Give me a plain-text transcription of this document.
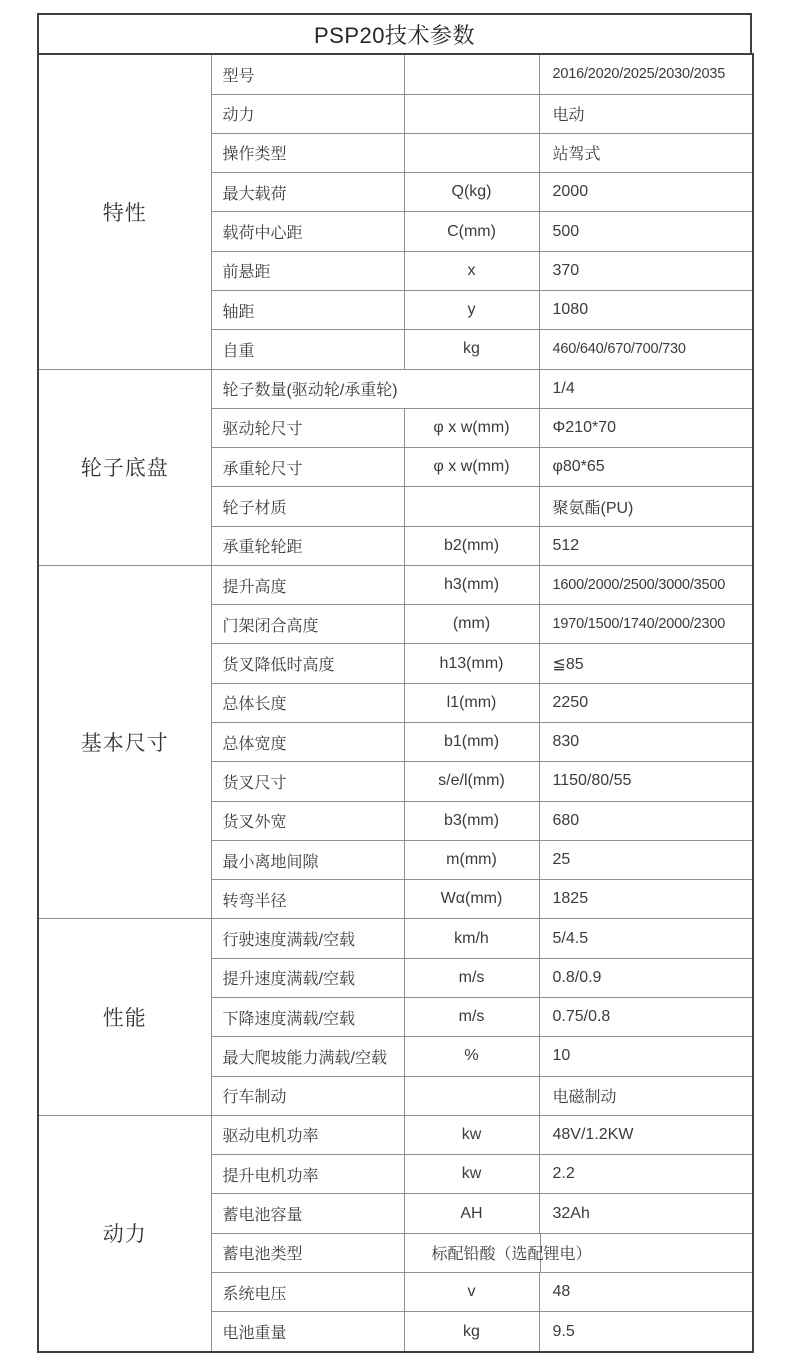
PSP20技术参数
特性	型号		2016/2020/2025/2030/2035
	动力		电动
	操作类型		站驾式
	最大载荷	Q(kg)	2000
	载荷中心距	C(mm)	500
	前悬距	x	370
	轴距	y	1080
	自重	kg	460/640/670/700/730
轮子底盘	轮子数量(驱动轮/承重轮)		1/4
	驱动轮尺寸	φ x w(mm)	Φ210*70
	承重轮尺寸	φ x w(mm)	φ80*65
	轮子材质		聚氨酯(PU)
	承重轮轮距	b2(mm)	512
基本尺寸	提升高度	h3(mm)	1600/2000/2500/3000/3500
	门架闭合高度	(mm)	1970/1500/1740/2000/2300
	货叉降低时高度	h13(mm)	≦85
	总体长度	l1(mm)	2250
	总体宽度	b1(mm)	830
	货叉尺寸	s/e/l(mm)	1150/80/55
	货叉外宽	b3(mm)	680
	最小离地间隙	m(mm)	25
	转弯半径	Wα(mm)	1825
性能	行驶速度满载/空载	km/h	5/4.5
	提升速度满载/空载	m/s	0.8/0.9
	下降速度满载/空载	m/s	0.75/0.8
	最大爬坡能力满载/空载	%	10
	行车制动		电磁制动
动力	驱动电机功率	kw	48V/1.2KW
	提升电机功率	kw	2.2
	蓄电池容量	AH	32Ah
	蓄电池类型	标配铅酸（选配锂电）	
	系统电压	v	48
	电池重量	kg	9.5
